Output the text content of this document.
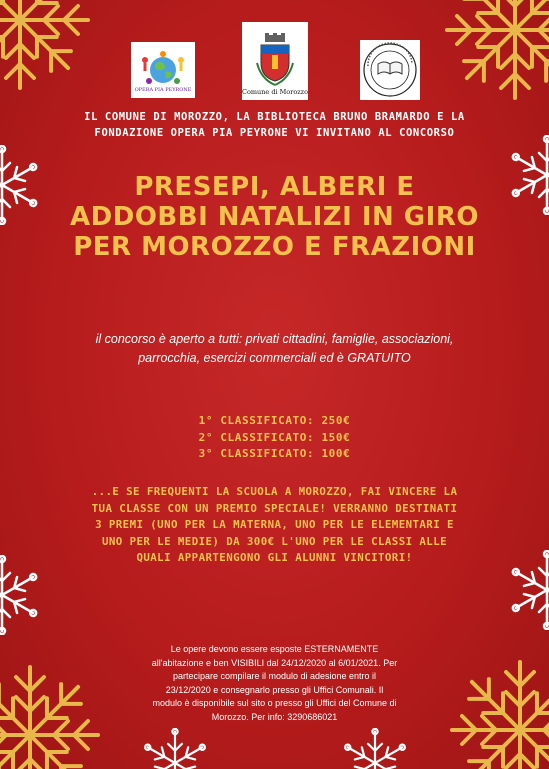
OPERA PIA PEYRONE	Comune di Morozzo

IL COMUNE DI MOROZZO, LA BIBLIOTECA BRUNO BRAMARDO E LA FONDAZIONE OPERA PIA PEYRONE VI INVITANO AL CONCORSO

PRESEPI, ALBERI E ADDOBBI NATALIZI IN GIRO PER MOROZZO E FRAZIONI

il concorso è aperto a tutti: privati cittadini, famiglie, associazioni, parrocchia, esercizi commerciali ed è GRATUITO

1° CLASSIFICATO: 250€
2° CLASSIFICATO: 150€
3° CLASSIFICATO: 100€

...E SE FREQUENTI LA SCUOLA A MOROZZO, FAI VINCERE LA TUA CLASSE CON UN PREMIO SPECIALE! VERRANNO DESTINATI 3 PREMI (UNO PER LA MATERNA, UNO PER LE ELEMENTARI E UNO PER LE MEDIE) DA 300€ L'UNO PER LE CLASSI ALLE QUALI APPARTENGONO GLI ALUNNI VINCITORI!

Le opere devono essere esposte ESTERNAMENTE all'abitazione e ben VISIBILI dal 24/12/2020 al 6/01/2021. Per partecipare compilare il modulo di adesione entro il 23/12/2020 e consegnarlo presso gli Uffici Comunali. Il modulo è disponibile sul sito o presso gli Uffici del Comune di Morozzo. Per info: 3290686021
